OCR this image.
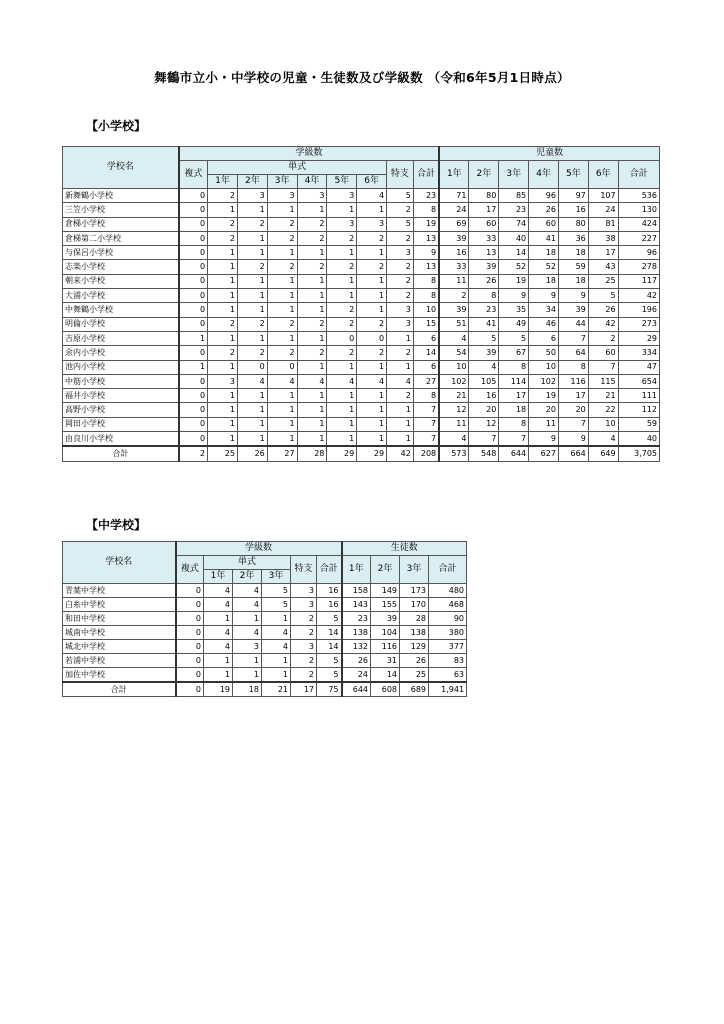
舞鶴市立小・中学校の児童・生徒数及び学級数 （令和6年5月1日時点）
【小学校】
学校名	学級数									児童数						
	複式	単式						特支	合計	1年	2年	3年	4年	5年	6年	合計
		1年	2年	3年	4年	5年	6年									
新舞鶴小学校	0	2	3	3	3	3	4	5	23	71	80	85	96	97	107	536
三笠小学校	0	1	1	1	1	1	1	2	8	24	17	23	26	16	24	130
倉梯小学校	0	2	2	2	2	3	3	5	19	69	60	74	60	80	81	424
倉梯第二小学校	0	2	1	2	2	2	2	2	13	39	33	40	41	36	38	227
与保呂小学校	0	1	1	1	1	1	1	3	9	16	13	14	18	18	17	96
志楽小学校	0	1	2	2	2	2	2	2	13	33	39	52	52	59	43	278
朝来小学校	0	1	1	1	1	1	1	2	8	11	26	19	18	18	25	117
大浦小学校	0	1	1	1	1	1	1	2	8	2	8	9	9	9	5	42
中舞鶴小学校	0	1	1	1	1	2	1	3	10	39	23	35	34	39	26	196
明倫小学校	0	2	2	2	2	2	2	3	15	51	41	49	46	44	42	273
吉原小学校	1	1	1	1	1	0	0	1	6	4	5	5	6	7	2	29
余内小学校	0	2	2	2	2	2	2	2	14	54	39	67	50	64	60	334
池内小学校	1	1	0	0	1	1	1	1	6	10	4	8	10	8	7	47
中筋小学校	0	3	4	4	4	4	4	4	27	102	105	114	102	116	115	654
福井小学校	0	1	1	1	1	1	1	2	8	21	16	17	19	17	21	111
高野小学校	0	1	1	1	1	1	1	1	7	12	20	18	20	20	22	112
岡田小学校	0	1	1	1	1	1	1	1	7	11	12	8	11	7	10	59
由良川小学校	0	1	1	1	1	1	1	1	7	4	7	7	9	9	4	40
合計	2	25	26	27	28	29	29	42	208	573	548	644	627	664	649	3,705
【中学校】
学校名	学級数						生徒数			
	複式	単式			特支	合計	1年	2年	3年	合計
		1年	2年	3年						
青葉中学校	0	4	4	5	3	16	158	149	173	480
白糸中学校	0	4	4	5	3	16	143	155	170	468
和田中学校	0	1	1	1	2	5	23	39	28	90
城南中学校	0	4	4	4	2	14	138	104	138	380
城北中学校	0	4	3	4	3	14	132	116	129	377
若浦中学校	0	1	1	1	2	5	26	31	26	83
加佐中学校	0	1	1	1	2	5	24	14	25	63
合計	0	19	18	21	17	75	644	608	689	1,941
